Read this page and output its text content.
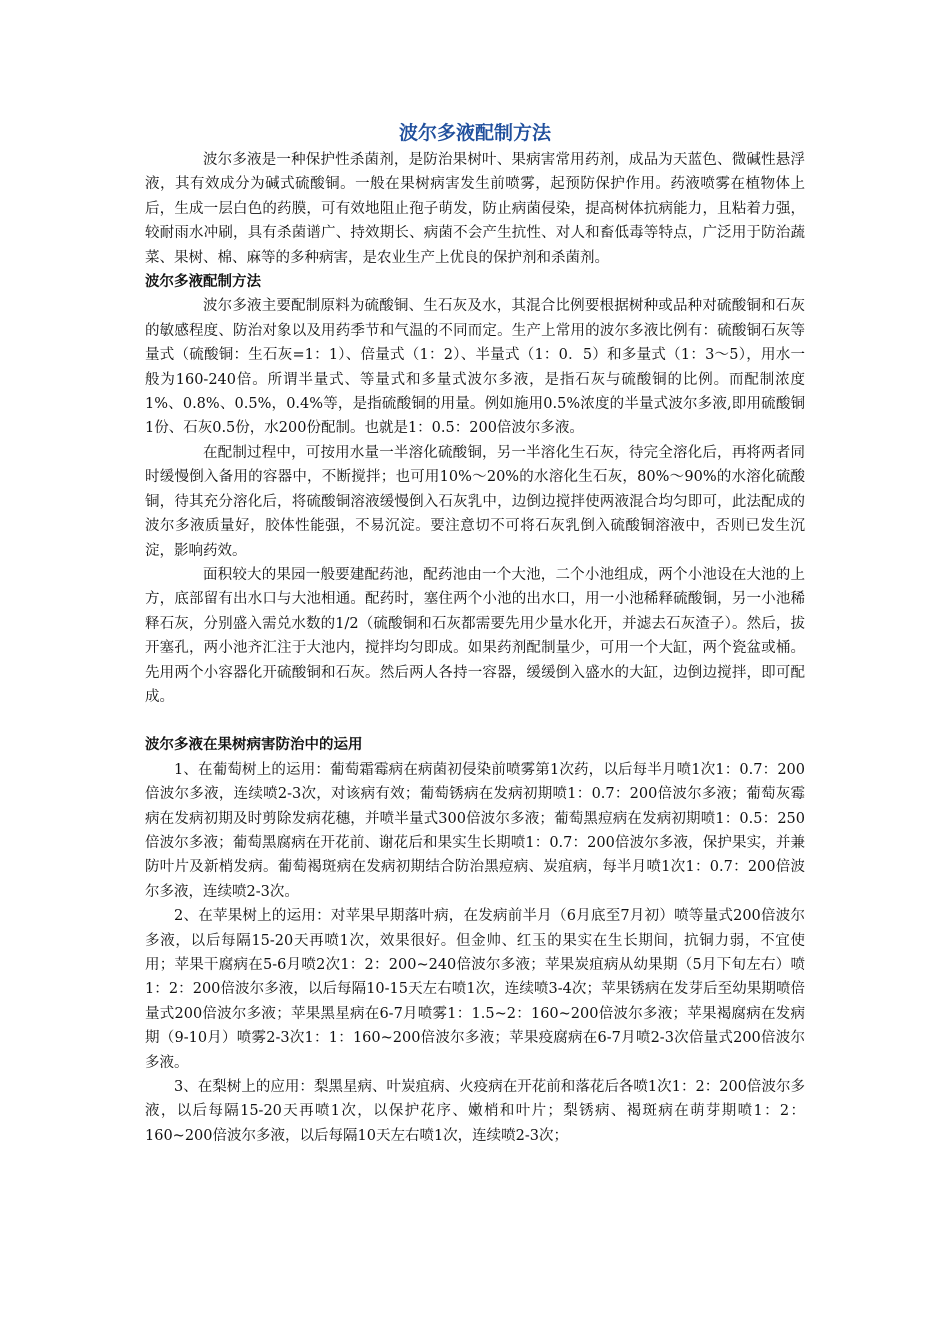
波尔多液配制方法

波尔多液是一种保护性杀菌剂，是防治果树叶、果病害常用药剂，成品为天蓝色、微碱性悬浮液，其有效成分为碱式硫酸铜。一般在果树病害发生前喷雾，起预防保护作用。药液喷雾在植物体上后，生成一层白色的药膜，可有效地阻止孢子萌发，防止病菌侵染，提高树体抗病能力，且粘着力强，较耐雨水冲刷，具有杀菌谱广、持效期长、病菌不会产生抗性、对人和畜低毒等特点，广泛用于防治蔬菜、果树、棉、麻等的多种病害，是农业生产上优良的保护剂和杀菌剂。

波尔多液配制方法

波尔多液主要配制原料为硫酸铜、生石灰及水，其混合比例要根据树种或品种对硫酸铜和石灰的敏感程度、防治对象以及用药季节和气温的不同而定。生产上常用的波尔多液比例有：硫酸铜石灰等量式（硫酸铜：生石灰=1：1）、倍量式（1：2）、半量式（1：0．5）和多量式（1：3～5），用水一般为160-240倍。所谓半量式、等量式和多量式波尔多液，是指石灰与硫酸铜的比例。而配制浓度1%、0.8%、0.5%，0.4%等，是指硫酸铜的用量。例如施用0.5%浓度的半量式波尔多液,即用硫酸铜1份、石灰0.5份，水200份配制。也就是1：0.5：200倍波尔多液。

在配制过程中，可按用水量一半溶化硫酸铜，另一半溶化生石灰，待完全溶化后，再将两者同时缓慢倒入备用的容器中，不断搅拌；也可用10%～20%的水溶化生石灰，80%～90%的水溶化硫酸铜，待其充分溶化后，将硫酸铜溶液缓慢倒入石灰乳中，边倒边搅拌使两液混合均匀即可，此法配成的波尔多液质量好，胶体性能强，不易沉淀。要注意切不可将石灰乳倒入硫酸铜溶液中，否则已发生沉淀，影响药效。

面积较大的果园一般要建配药池，配药池由一个大池，二个小池组成，两个小池设在大池的上方，底部留有出水口与大池相通。配药时，塞住两个小池的出水口，用一小池稀释硫酸铜，另一小池稀释石灰，分别盛入需兑水数的1/2（硫酸铜和石灰都需要先用少量水化开，并滤去石灰渣子）。然后，拔开塞孔，两小池齐汇注于大池内，搅拌均匀即成。如果药剂配制量少，可用一个大缸，两个瓷盆或桶。先用两个小容器化开硫酸铜和石灰。然后两人各持一容器，缓缓倒入盛水的大缸，边倒边搅拌，即可配成。

波尔多液在果树病害防治中的运用

1、在葡萄树上的运用：葡萄霜霉病在病菌初侵染前喷雾第1次药，以后每半月喷1次1：0.7：200倍波尔多液，连续喷2-3次，对该病有效；葡萄锈病在发病初期喷1：0.7：200倍波尔多液；葡萄灰霉病在发病初期及时剪除发病花穗，并喷半量式300倍波尔多液；葡萄黑痘病在发病初期喷1：0.5：250倍波尔多液；葡萄黑腐病在开花前、谢花后和果实生长期喷1：0.7：200倍波尔多液，保护果实，并兼防叶片及新梢发病。葡萄褐斑病在发病初期结合防治黑痘病、炭疽病，每半月喷1次1：0.7：200倍波尔多液，连续喷2-3次。

2、在苹果树上的运用：对苹果早期落叶病，在发病前半月（6月底至7月初）喷等量式200倍波尔多液，以后每隔15-20天再喷1次，效果很好。但金帅、红玉的果实在生长期间，抗铜力弱，不宜使用；苹果干腐病在5-6月喷2次1：2：200~240倍波尔多液；苹果炭疽病从幼果期（5月下旬左右）喷1：2：200倍波尔多液，以后每隔10-15天左右喷1次，连续喷3-4次；苹果锈病在发芽后至幼果期喷倍量式200倍波尔多液；苹果黑星病在6-7月喷雾1：1.5~2：160~200倍波尔多液；苹果褐腐病在发病期（9-10月）喷雾2-3次1：1：160~200倍波尔多液；苹果疫腐病在6-7月喷2-3次倍量式200倍波尔多液。

3、在梨树上的应用：梨黑星病、叶炭疽病、火疫病在开花前和落花后各喷1次1：2：200倍波尔多液，以后每隔15-20天再喷1次，以保护花序、嫩梢和叶片；梨锈病、褐斑病在萌芽期喷1：2：160~200倍波尔多液，以后每隔10天左右喷1次，连续喷2-3次；
